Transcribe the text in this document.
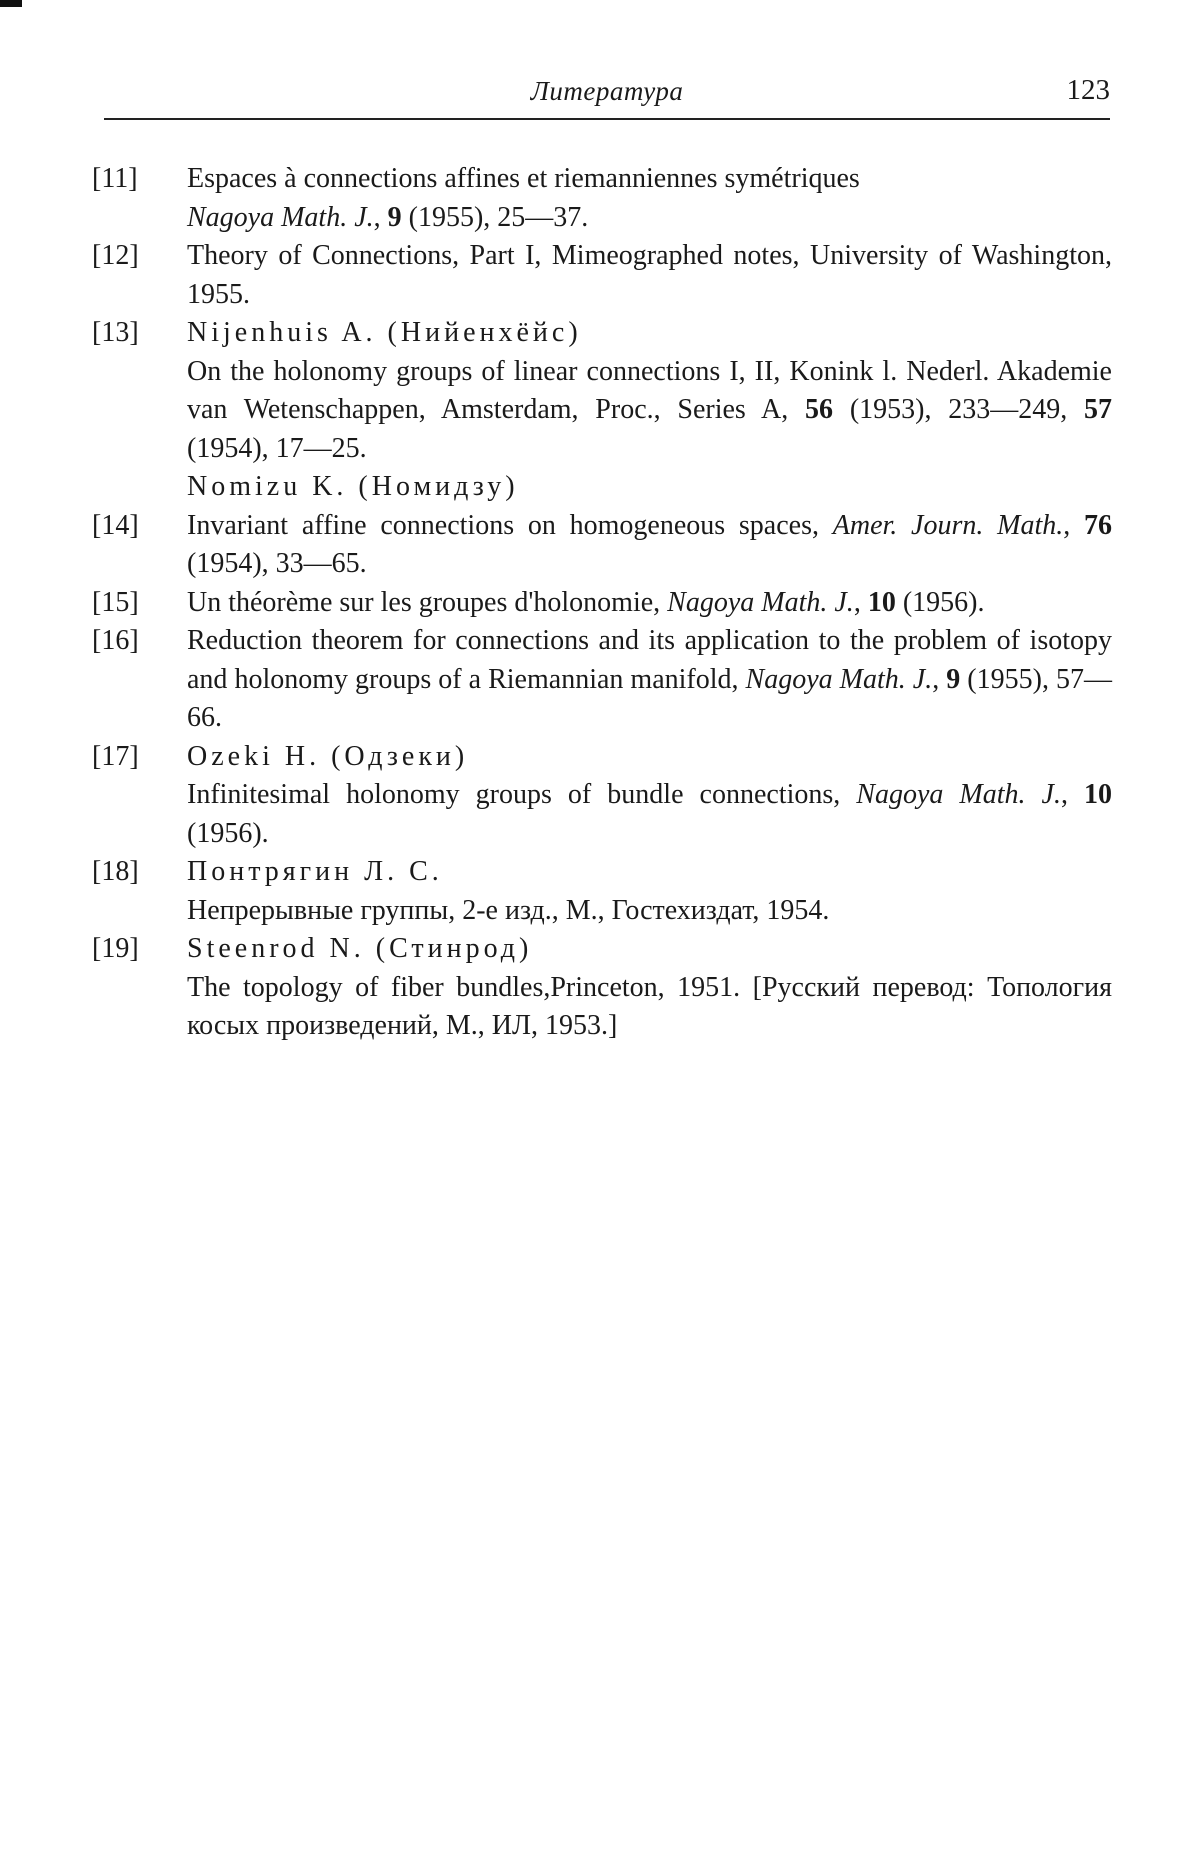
Литература	123
[11]	Espaces à connections affines et riemanniennes symétriques
Nagoya Math. J., 9 (1955), 25—37.
[12]	Theory of Connections, Part I, Mimeographed notes, University of Washington, 1955.
[13]	Nijenhuis A. (Нийенхёйс)
On the holonomy groups of linear connections I, II, Konink l. Nederl. Akademie van Wetenschappen, Amsterdam, Proc., Series A, 56 (1953), 233—249, 57 (1954), 17—25.
Nomizu K. (Номидзу)
[14]	Invariant affine connections on homogeneous spaces, Amer. Journ. Math., 76 (1954), 33—65.
[15]	Un théorème sur les groupes d'holonomie, Nagoya Math. J., 10 (1956).
[16]	Reduction theorem for connections and its application to the problem of isotopy and holonomy groups of a Riemannian manifold, Nagoya Math. J., 9 (1955), 57—66.
[17]	Ozeki H. (Одзеки)
Infinitesimal holonomy groups of bundle connections, Nagoya Math. J., 10 (1956).
[18]	Понтрягин Л. С.
Непрерывные группы, 2-е изд., М., Гостехиздат, 1954.
[19]	Steenrod N. (Стинрод)
The topology of fiber bundles,Princeton, 1951. [Русский перевод: Топология косых произведений, М., ИЛ, 1953.]
